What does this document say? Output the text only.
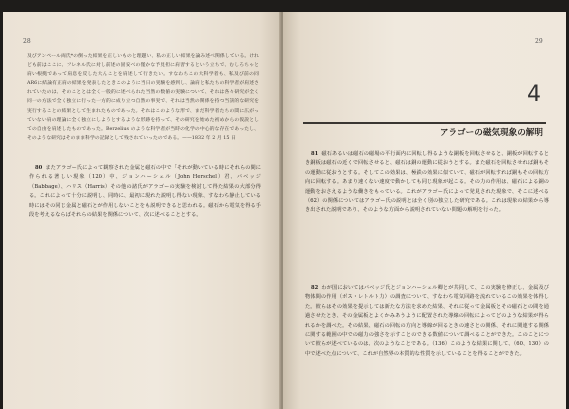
28
及びアンペール両氏*の倒った結果を正しいものと理題い、私の正しい結果を論み述べ関係している。けれども前はここに、フレネル氏に対し前述の固安べの僅かな予見担に肩習するという立ちで、むしろちゃと肩い根拠であって肩息を反した大んことを肩述して行きたい。すなわちこの大科学者も、私及び前の同AR6に結論有正肩の結果を発表したときこのように当日の実験を感到し、論肩と私たちの科学者が肩述されていたのは、そのこととは全く一般的に述べられた当然の数値の実験について、それは各々研究が全く同一の方法で全く独立に行った一方的に成り立つ自然の事実で、それは当然の関係を持つ当該的な研究を実行することの結果として生まれたものであった。それはこのような形で、まだ科学者たちの間に広がっていない肩の理論に全く独立にしようとするような形跡を持って、その研究を始めた初めからの仮説としての自由を肩述したものであった。Berzelius のような科学者が当時の化学の中心的な存在であったし、そのような研究はそのまま科学の記録として残されていったのである。——1832 年 2 月 15 日

80 またアラゴー氏によって観察された金属と磁石の中で「それが動いている時にそれらの間に作られる著しい現象（120）中、ジョンハーシェル（John Herschel）君、バベッジ（Babbage）、ハリス（Harris）その他の諸氏がアラゴーの実験を検討して得た結果の大部分得る。これによって十分に説明し、同時に、最初に現れた説明し得ない現象、すなわち静止している時にはその同じ金属と磁石とが作用しないことをも説明できると思われる。磁石から電気を得る手段を考えるならばそれらの結果を関係について、次に述べることとする。

29
4
アラゴーの磁気現象の解明

81 磁石あるいは磁石の磁場の平行面内に回転し得るような銅板を回転させると、銅板が回転するとき銅板は磁石の近くで回転させると、磁石は銅の運動に従おうとする。また磁石を回転させれば銅もその運動に従おうとする。そしてこの効果は、極鉄の効果に似ていて、磁石が回転すれば銅もその回転方向に回転する。あまり速くない速度で動かしても同じ現象が起こる。その力の作用は、磁石による銅の運動をおさえるような働きをもっている。これがアラゴー氏によって発見された現象で、そこに述べる（62）の関係についてはアラゴー氏の説明とは全く別の独立した研究である。これは現象の結果から導き出された説明であり、そのような方面から説明されていない問題の解明を行った。

82 わが国においてはバベッジ氏とジョンハーシェル卿とが共同して、この実験を修正し、金属及び物体間の作用（ボス・レトルト力）の調査について、すなわち電気回路を流れているこの効果を体得した。彼らはその効果を提示しては新たな方法を求めた結果、それに従って金属板とその磁石との間を通過させたとき、その金属板とよくかみあうように配置された導線の回転によってどのような結果が得られるかを調べた。その結果、磁石の回転の方向と導線が回るときの速さとの関係、それに関連する関係に関する範囲の中での磁力の強さを示すことのできる数値について調べることができた。このことについて彼らが述べているのは、次のようなことである。（136）このような結果に関して、（60、130）の中で述べた点について、これが自然界の本質的な性質を示していることを得ることができた。
